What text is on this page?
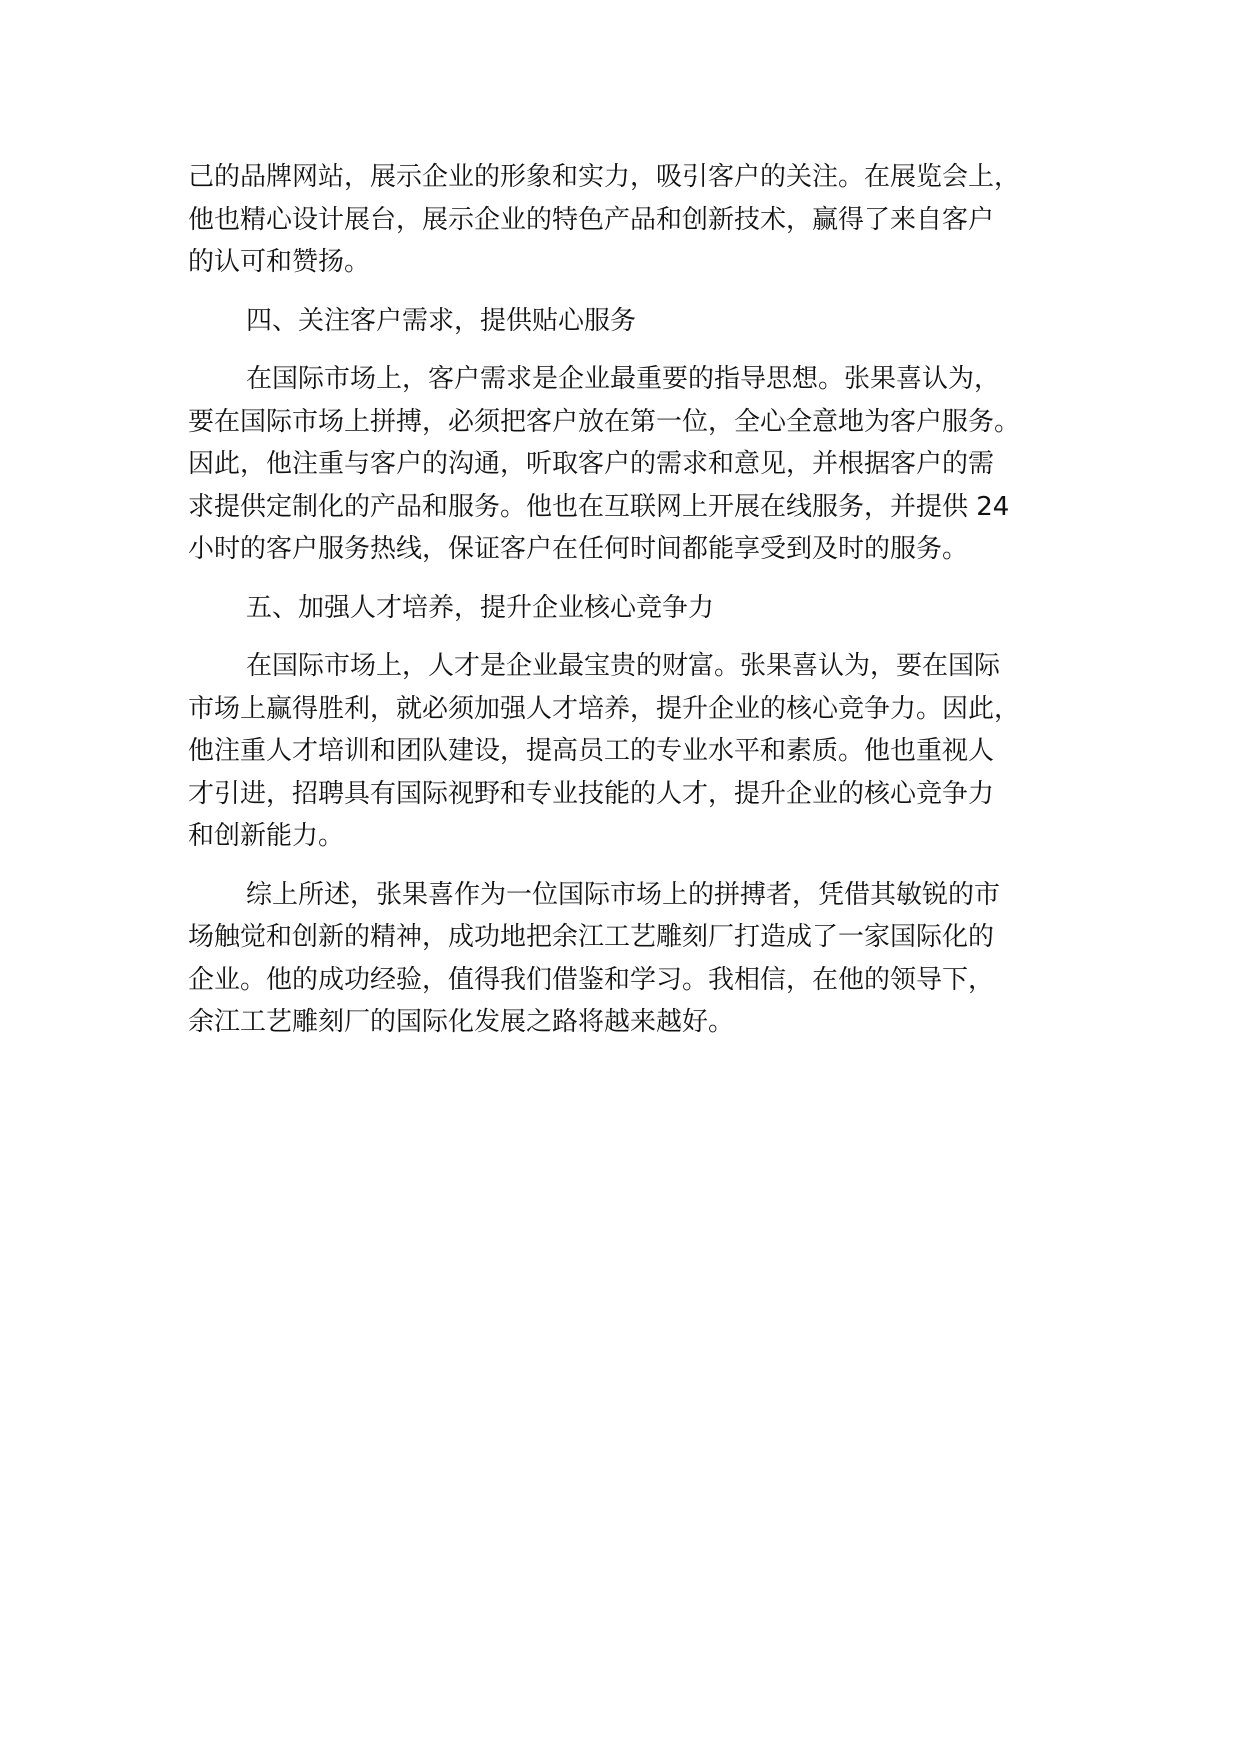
己的品牌网站，展示企业的形象和实力，吸引客户的关注。在展览会上，
他也精心设计展台，展示企业的特色产品和创新技术，赢得了来自客户
的认可和赞扬。
四、关注客户需求，提供贴心服务
在国际市场上，客户需求是企业最重要的指导思想。张果喜认为，
要在国际市场上拼搏，必须把客户放在第一位，全心全意地为客户服务。
因此，他注重与客户的沟通，听取客户的需求和意见，并根据客户的需
求提供定制化的产品和服务。他也在互联网上开展在线服务，并提供 24
小时的客户服务热线，保证客户在任何时间都能享受到及时的服务。
五、加强人才培养，提升企业核心竞争力
在国际市场上，人才是企业最宝贵的财富。张果喜认为，要在国际
市场上赢得胜利，就必须加强人才培养，提升企业的核心竞争力。因此，
他注重人才培训和团队建设，提高员工的专业水平和素质。他也重视人
才引进，招聘具有国际视野和专业技能的人才，提升企业的核心竞争力
和创新能力。
综上所述，张果喜作为一位国际市场上的拼搏者，凭借其敏锐的市
场触觉和创新的精神，成功地把余江工艺雕刻厂打造成了一家国际化的
企业。他的成功经验，值得我们借鉴和学习。我相信，在他的领导下，
余江工艺雕刻厂的国际化发展之路将越来越好。
